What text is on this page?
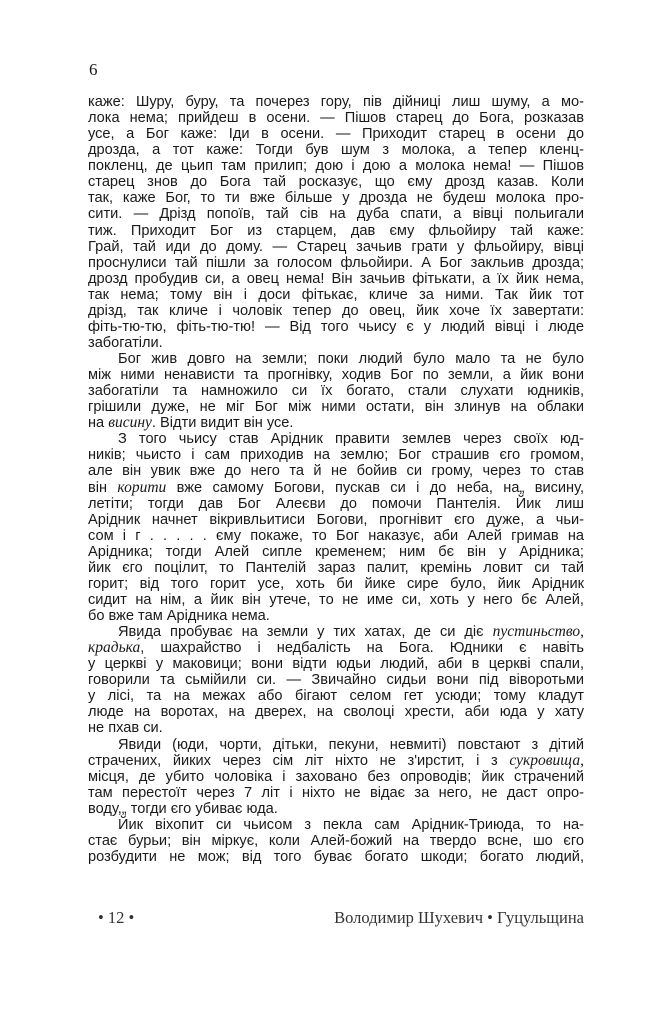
6
каже: Шуру, буру, та почерез гору, пів дійниці лиш шуму, а мо-
лока нема; прийдеш в осени. — Пішов старец до Бога, розказав
усе, а Бог каже: Іди в осени. — Приходит старец в осени до
дрозда, а тот каже: Тогди був шум з молока, а тепер кленц-
покленц, де цьип там прилип; дою і дою а молока нема! — Пішов
старец знов до Бога тай росказує, що єму дрозд казав. Коли
так, каже Бог, то ти вже більше у дрозда не будеш молока про-
сити. — Дрізд попоїв, тай сів на дуба спати, а вівці польигали
тиж. Приходит Бог из старцем, дав єму фльойиру тай каже:
Грай, тай иди до дому. — Старец зачьив грати у фльойиру, вівці
проснулиси тай пішли за голосом фльойири. А Бог закльив дрозда;
дрозд пробудив си, а овец нема! Він зачьив фітькати, а їх йик нема,
так нема; тому він і доси фітькає, кличе за ними. Так йик тот
дрізд, так кличе і чоловік тепер до овец, йик хоче їх завертати:
фіть-тю-тю, фіть-тю-тю! — Від того чьису є у людий вівці і люде
забогатіли.
Бог жив довго на земли; поки людий було мало та не було
між ними ненависти та прогнівку, ходив Бог по земли, а йик вони
забогатіли та намножило си їх богато, стали слухати юдників,
грішили дуже, не міг Бог між ними остати, він злинув на облаки
на висину. Відти видит він усе.
З того чьису став Арідник правити землев через своїх юд-
ників; чьисто і сам приходив на землю; Бог страшив єго громом,
але він увик вже до него та й не бойив си грому, через то став
він корити вже самому Богови, пускав си і до неба, на„ висину,
летіти; тогди дав Бог Алеєви до помочи Пантелія. Йик лиш
Арідник начнет вікривльитиси Богови, прогнівит єго дуже, а чьи-
сом і г . . . . . єму покаже, то Бог наказує, аби Алей гримав на
Арідника; тогди Алей сипле кременем; ним бє він у Арідника;
йик єго поцілит, то Пантелій зараз палит, кремінь ловит си тай
горит; від того горит усе, хоть би йике сире було, йик Арідник
сидит на нім, а йик він утече, то не име си, хоть у него бє Алей,
бо вже там Арідника нема.
Явида пробуває на земли у тих хатах, де си діє пустиньство,
крадька́, шахрайство і недбалість на Бога. Юдники є навіть
у церкві у маковици; вони відти юдьи людий, аби в церкві спали,
говорили та сьмійили си. — Звичайно сидьи вони під віворотьми
у лісі, та на межах або бігают селом гет усюди; тому кладут
люде на воротах, на дверех, на сволоці хрести, аби юда у хату
не пхав си.
Явиди (юди, чорти, дітьки, пекуни, невмиті) повстают з дітий
страчених, йиких через сім літ ніхто не з'ирстит, і з сукровища,
місця, де убито чоловіка і заховано без опроводів; йик страчений
там перестоїт через 7 літ і ніхто не відає за него, не даст опро-
воду,„ тогди єго убиває юда.
Йик віхопит си чьисом з пекла сам Арідник-Триюда, то на-
стає бурьи; він міркує, коли Алей-божий на твердо всне, шо єго
розбудити не мож; від того буває богато шкоди; богато людий,
• 12 •	Володимир Шухевич • Гуцульщина
